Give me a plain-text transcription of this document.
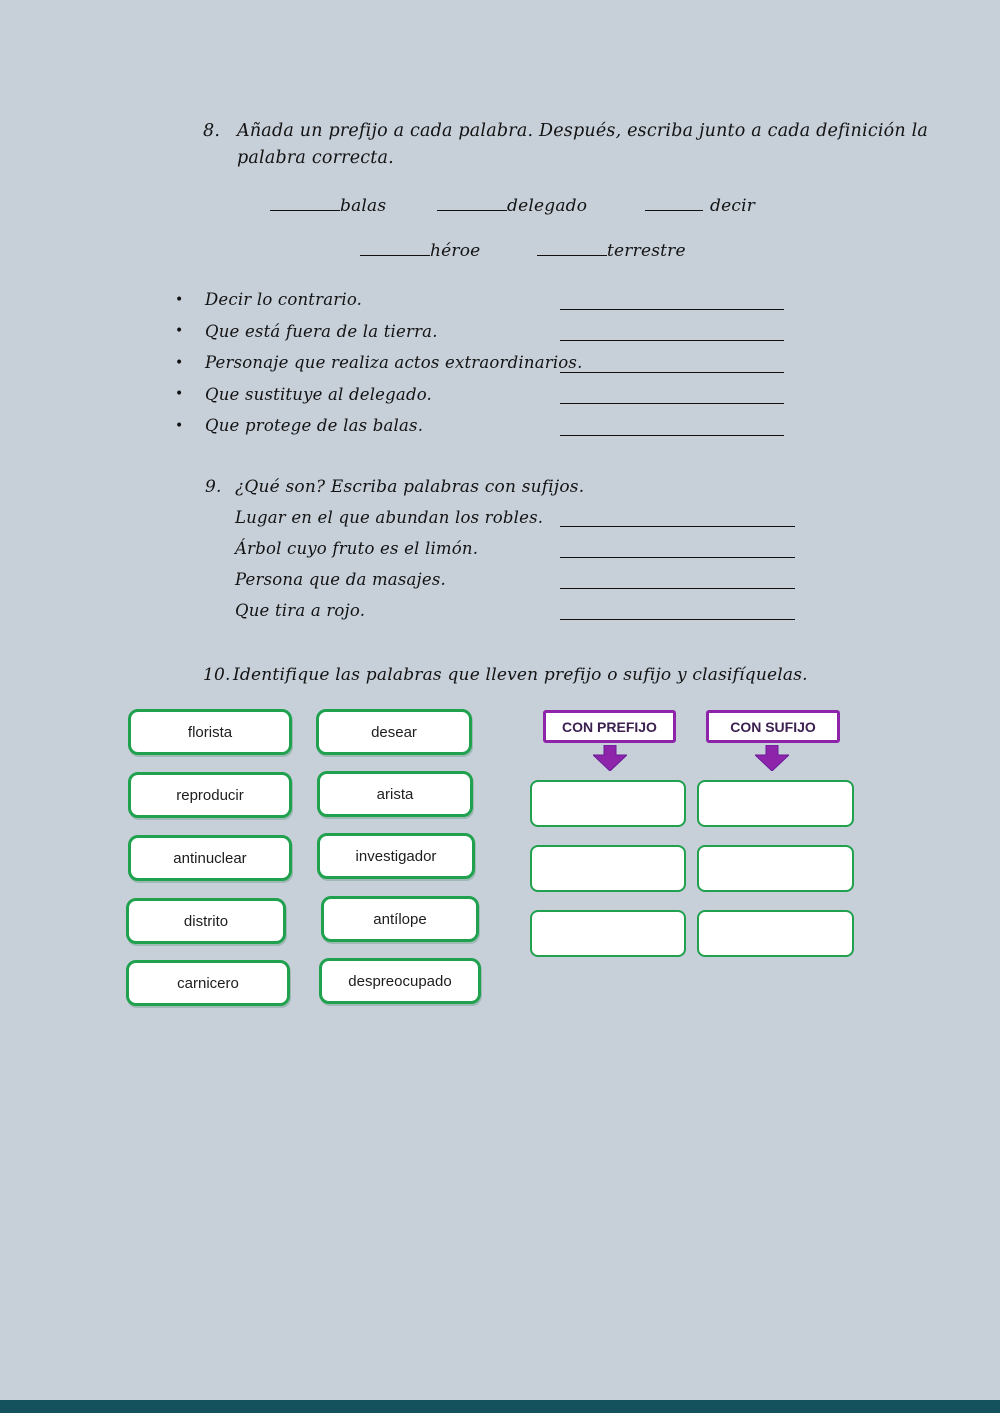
8. Añada un prefijo a cada palabra. Después, escriba junto a cada definición la
palabra correcta.
balas	delegado	decir
héroe	terrestre
•	Decir lo contrario.
•	Que está fuera de la tierra.
•	Personaje que realiza actos extraordinarios.
•	Que sustituye al delegado.
•	Que protege de las balas.
9. ¿Qué son? Escriba palabras con sufijos.
Lugar en el que abundan los robles.
Árbol cuyo fruto es el limón.
Persona que da masajes.
Que tira a rojo.
10. Identifique las palabras que lleven prefijo o sufijo y clasifíquelas.
florista
reproducir
antinuclear
distrito
carnicero
desear
arista
investigador
antílope
despreocupado
CON PREFIJO	CON SUFIJO
